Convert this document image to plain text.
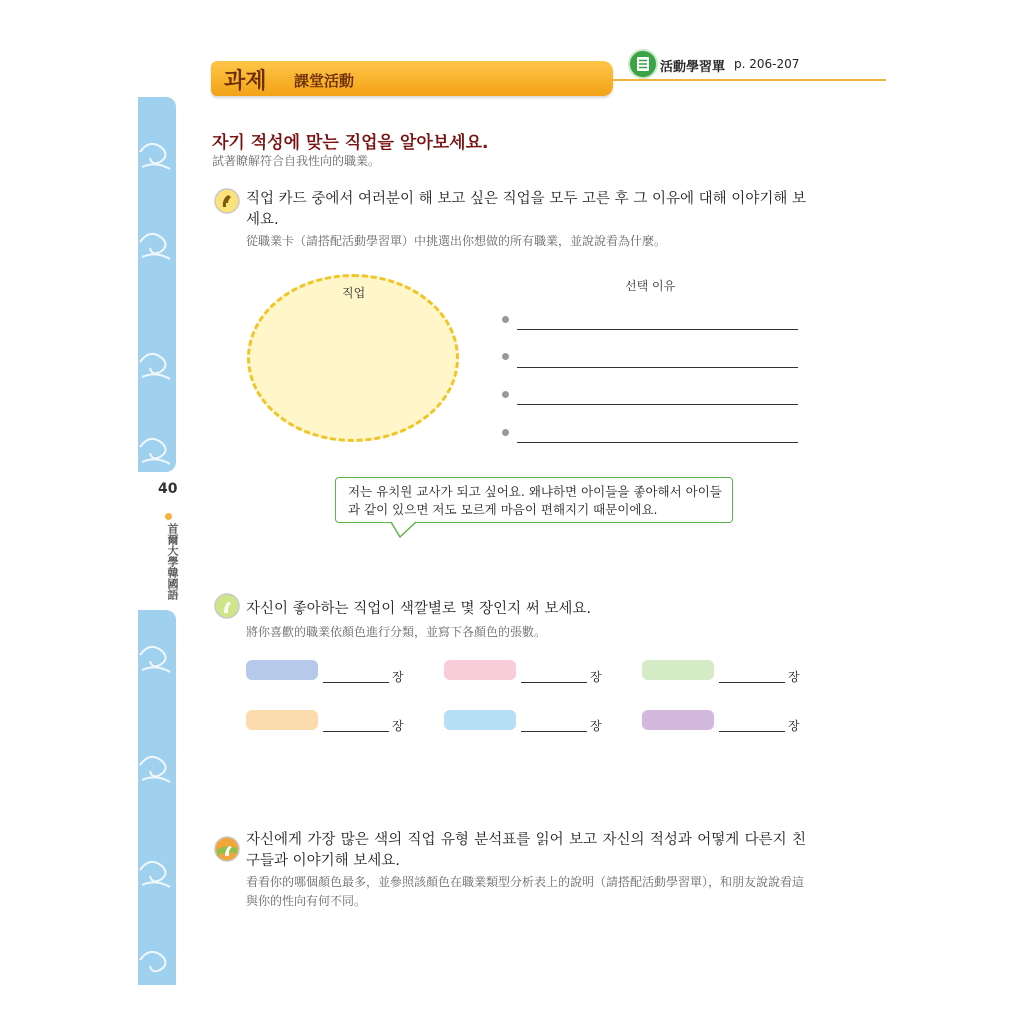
40
首爾大學韓國語
과제 課堂活動
活動學習單 p. 206-207
자기 적성에 맞는 직업을 알아보세요.
試著瞭解符合自我性向的職業。
직업 카드 중에서 여러분이 해 보고 싶은 직업을 모두 고른 후 그 이유에 대해 이야기해 보세요.
從職業卡（請搭配活動學習單）中挑選出你想做的所有職業，並說說看為什麼。
직업	선택 이유
저는 유치원 교사가 되고 싶어요. 왜냐하면 아이들을 좋아해서 아이들과 같이 있으면 저도 모르게 마음이 편해지기 때문이에요.
자신이 좋아하는 직업이 색깔별로 몇 장인지 써 보세요.
將你喜歡的職業依顏色進行分類，並寫下各顏色的張數。
장	장	장
장	장	장
자신에게 가장 많은 색의 직업 유형 분석표를 읽어 보고 자신의 적성과 어떻게 다른지 친구들과 이야기해 보세요.
看看你的哪個顏色最多，並參照該顏色在職業類型分析表上的說明（請搭配活動學習單），和朋友說說看這與你的性向有何不同。
